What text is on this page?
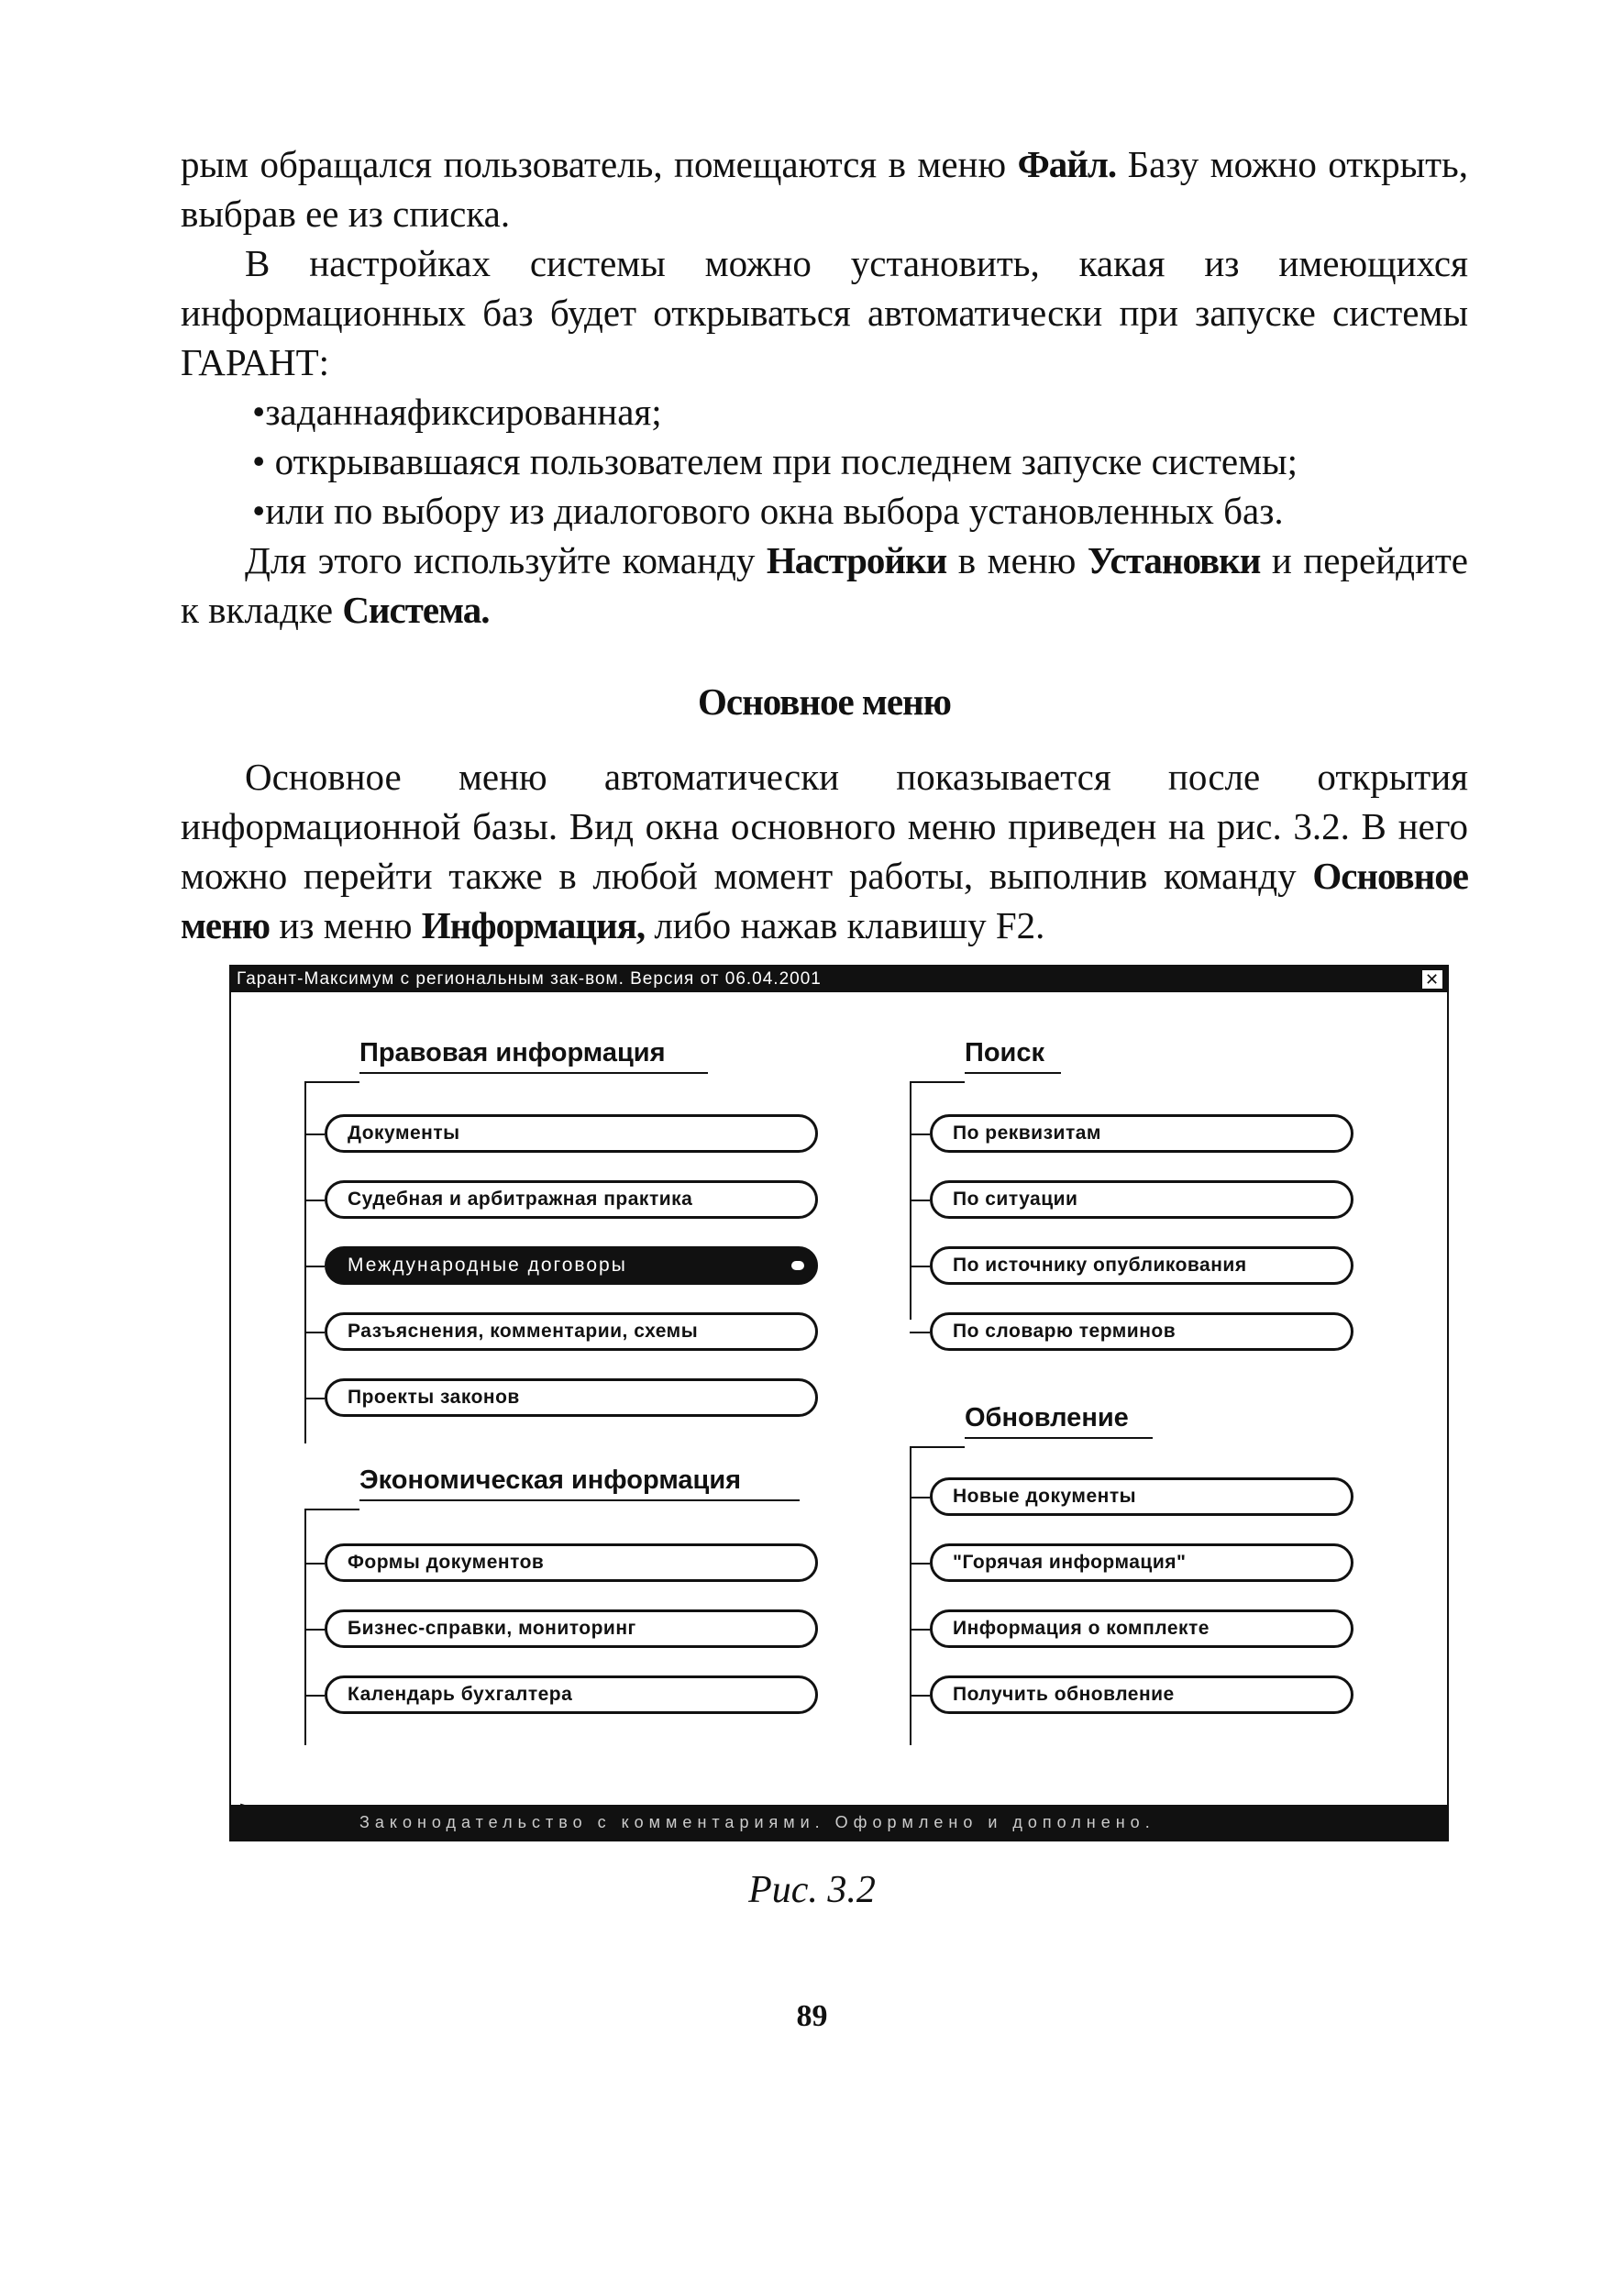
рым обращался пользователь, помещаются в меню Файл. Базу можно открыть, выбрав ее из списка.

В настройках системы можно установить, какая из имеющихся информационных баз будет открываться автоматически при запуске системы ГАРАНТ:

•заданнаяфиксированная;

• открывавшаяся пользователем при последнем запуске системы;

•или по выбору из диалогового окна выбора установленных баз.

Для этого используйте команду Настройки в меню Установки и перейдите к вкладке Система.

Основное меню

Основное меню автоматически показывается после открытия информационной базы. Вид окна основного меню приведен на рис. 3.2. В него можно перейти также в любой момент работы, выполнив команду Основное меню из меню Информация, либо нажав клавишу F2.

Гарант-Максимум с региональным зак-вом. Версия от 06.04.2001	✕
Правовая информация
Документы
Судебная и арбитражная практика
Международные договоры
Разъяснения, комментарии, схемы
Проекты законов
Экономическая информация
Формы документов
Бизнес-справки, мониторинг
Календарь бухгалтера
Поиск
По реквизитам
По ситуации
По источнику опубликования
По словарю терминов
Обновление
Новые документы
"Горячая информация"
Информация о комплекте
Получить обновление
Законодательство с комментариями. Оформлено и дополнено.
Рис. 3.2
89
